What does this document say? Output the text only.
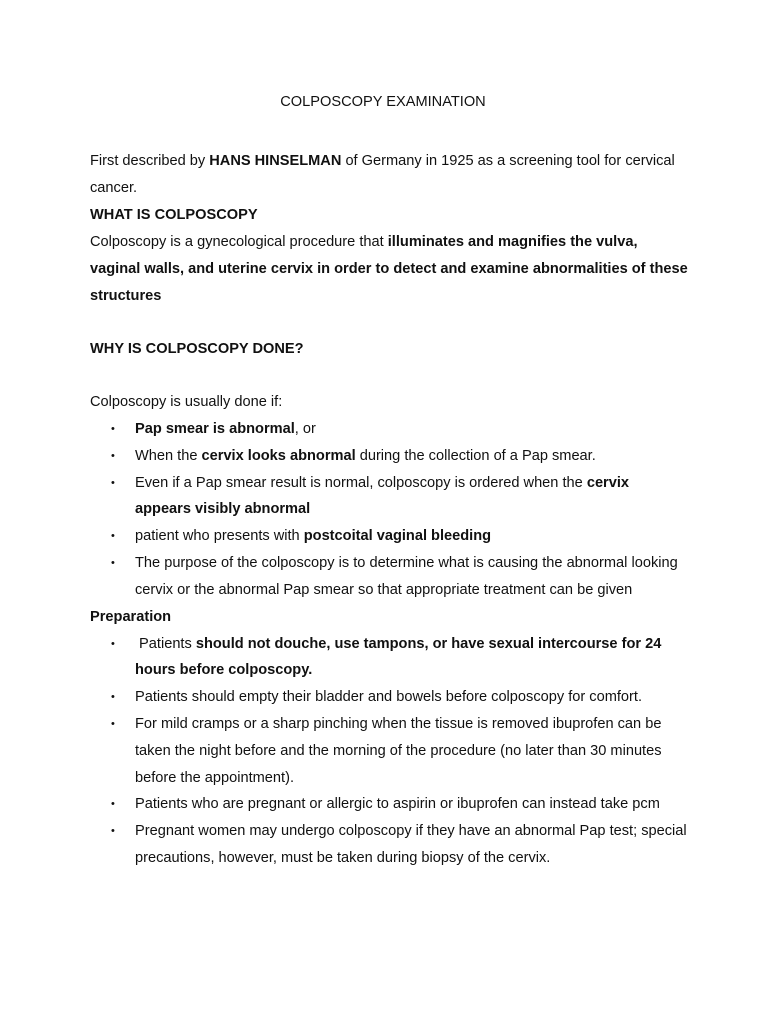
COLPOSCOPY EXAMINATION

First described by HANS HINSELMAN of Germany in 1925 as a screening tool for cervical cancer.

WHAT IS COLPOSCOPY

Colposcopy is a gynecological procedure that illuminates and magnifies the vulva, vaginal walls, and uterine cervix in order to detect and examine abnormalities of these structures

WHY IS COLPOSCOPY DONE?

Colposcopy is usually done if:

• Pap smear is abnormal, or
• When the cervix looks abnormal during the collection of a Pap smear.
• Even if a Pap smear result is normal, colposcopy is ordered when the cervix appears visibly abnormal
• patient who presents with postcoital vaginal bleeding
• The purpose of the colposcopy is to determine what is causing the abnormal looking cervix or the abnormal Pap smear so that appropriate treatment can be given
Preparation
• Patients should not douche, use tampons, or have sexual intercourse for 24 hours before colposcopy.
• Patients should empty their bladder and bowels before colposcopy for comfort.
• For mild cramps or a sharp pinching when the tissue is removed ibuprofen can be taken the night before and the morning of the procedure (no later than 30 minutes before the appointment).
• Patients who are pregnant or allergic to aspirin or ibuprofen can instead take pcm
• Pregnant women may undergo colposcopy if they have an abnormal Pap test; special precautions, however, must be taken during biopsy of the cervix.
